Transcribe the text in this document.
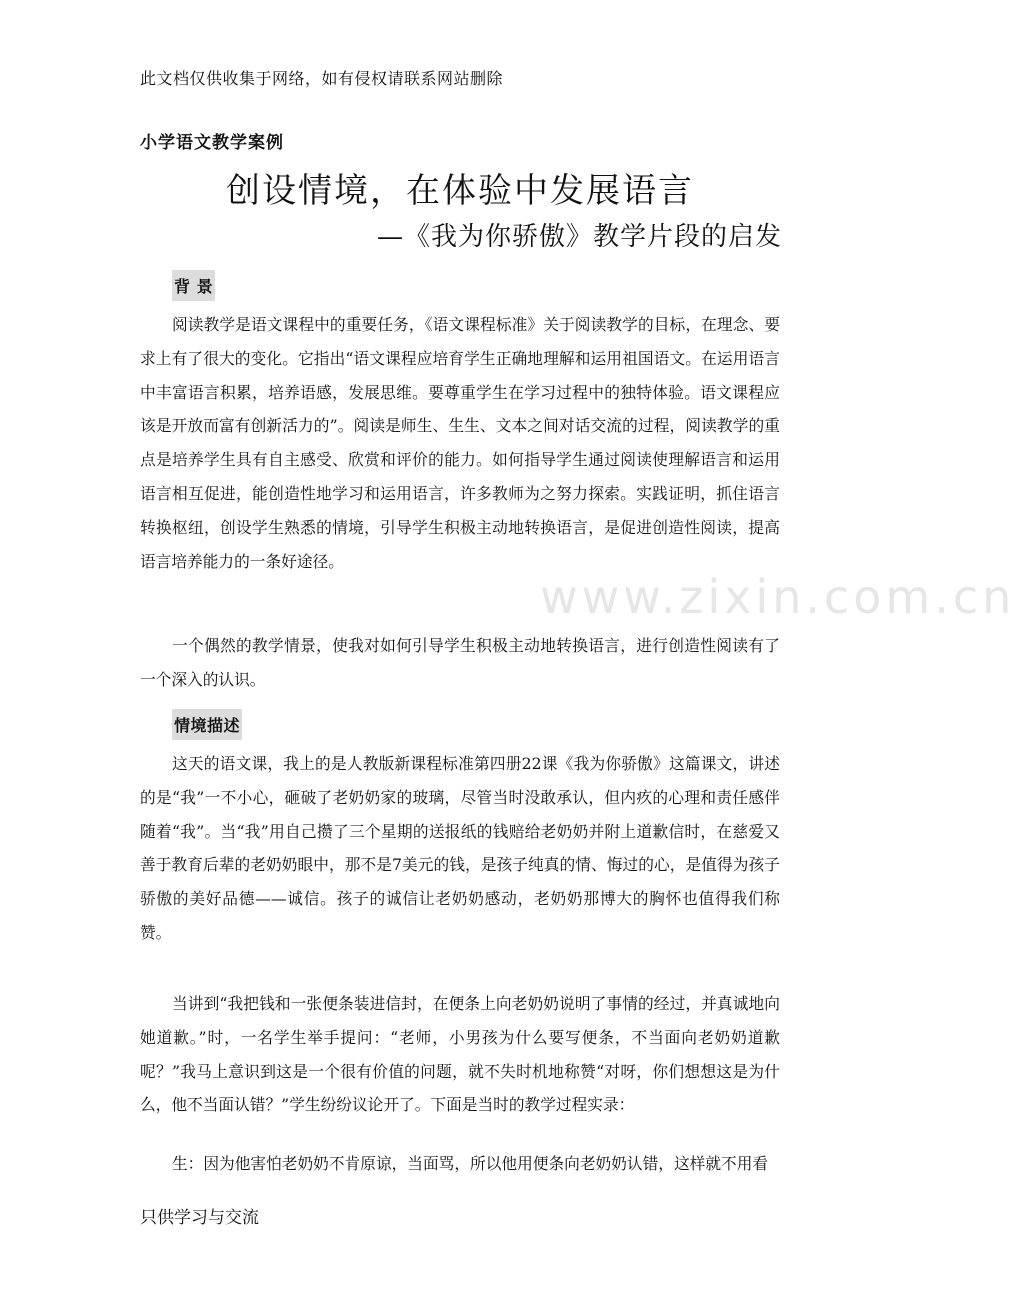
www.zixin.com.cn
此文档仅供收集于网络，如有侵权请联系网站删除
小学语文教学案例
创设情境，在体验中发展语言
—《我为你骄傲》教学片段的启发
背 景

阅读教学是语文课程中的重要任务，《语文课程标准》关于阅读教学的目标，在理念、要求上有了很大的变化。它指出“语文课程应培育学生正确地理解和运用祖国语文。在运用语言中丰富语言积累，培养语感，发展思维。要尊重学生在学习过程中的独特体验。语文课程应该是开放而富有创新活力的”。阅读是师生、生生、文本之间对话交流的过程，阅读教学的重点是培养学生具有自主感受、欣赏和评价的能力。如何指导学生通过阅读使理解语言和运用语言相互促进，能创造性地学习和运用语言，许多教师为之努力探索。实践证明，抓住语言转换枢纽，创设学生熟悉的情境，引导学生积极主动地转换语言，是促进创造性阅读，提高语言培养能力的一条好途径。

一个偶然的教学情景，使我对如何引导学生积极主动地转换语言，进行创造性阅读有了一个深入的认识。

情境描述

这天的语文课，我上的是人教版新课程标准第四册22课《我为你骄傲》这篇课文，讲述的是“我”一不小心，砸破了老奶奶家的玻璃，尽管当时没敢承认，但内疚的心理和责任感伴随着“我”。当“我”用自己攒了三个星期的送报纸的钱赔给老奶奶并附上道歉信时，在慈爱又善于教育后辈的老奶奶眼中，那不是7美元的钱，是孩子纯真的情、悔过的心，是值得为孩子骄傲的美好品德——诚信。孩子的诚信让老奶奶感动，老奶奶那博大的胸怀也值得我们称赞。

当讲到“我把钱和一张便条装进信封，在便条上向老奶奶说明了事情的经过，并真诚地向她道歉。”时，一名学生举手提问：“老师，小男孩为什么要写便条，不当面向老奶奶道歉呢？”我马上意识到这是一个很有价值的问题，就不失时机地称赞“对呀，你们想想这是为什么，他不当面认错？”学生纷纷议论开了。下面是当时的教学过程实录：

生：因为他害怕老奶奶不肯原谅，当面骂，所以他用便条向老奶奶认错，这样就不用看

只供学习与交流
